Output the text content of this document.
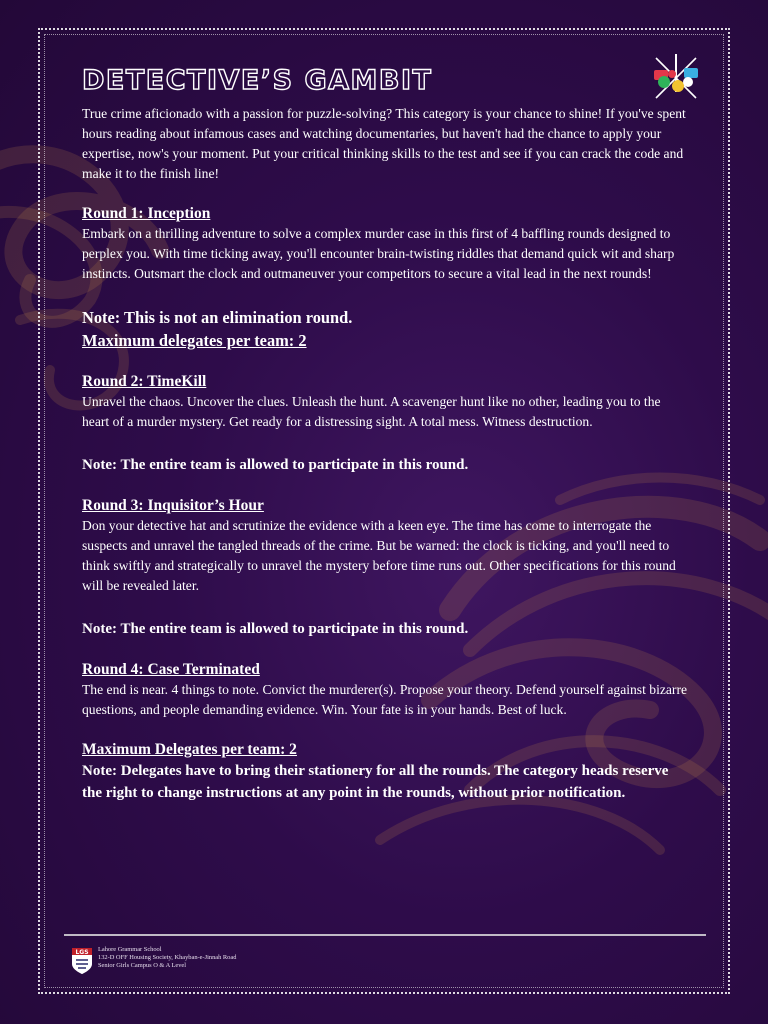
DETECTIVE’S GAMBIT

True crime aficionado with a passion for puzzle-solving? This category is your chance to shine! If you've spent hours reading about infamous cases and watching documentaries, but haven't had the chance to apply your expertise, now's your moment. Put your critical thinking skills to the test and see if you can crack the code and make it to the finish line!

Round 1: Inception

Embark on a thrilling adventure to solve a complex murder case in this first of 4 baffling rounds designed to perplex you. With time ticking away, you'll encounter brain-twisting riddles that demand quick wit and sharp instincts. Outsmart the clock and outmaneuver your competitors to secure a vital lead in the next rounds!

Note: This is not an elimination round.
Maximum delegates per team: 2
Round 2: TimeKill

Unravel the chaos. Uncover the clues. Unleash the hunt. A scavenger hunt like no other, leading you to the heart of a murder mystery. Get ready for a distressing sight. A total mess. Witness destruction.

Note: The entire team is allowed to participate in this round.
Round 3: Inquisitor’s Hour

Don your detective hat and scrutinize the evidence with a keen eye. The time has come to interrogate the suspects and unravel the tangled threads of the crime. But be warned: the clock is ticking, and you'll need to think swiftly and strategically to unravel the mystery before time runs out. Other specifications for this round will be revealed later.

Note: The entire team is allowed to participate in this round.
Round 4: Case Terminated

The end is near. 4 things to note. Convict the murderer(s). Propose your theory. Defend yourself against bizarre questions, and people demanding evidence. Win. Your fate is in your hands. Best of luck.

Maximum Delegates per team: 2
Note: Delegates have to bring their stationery for all the rounds. The category heads reserve the right to change instructions at any point in the rounds, without prior notification.
LGS Lahore Grammar School
132-D OFF Housing Society, Khayban-e-Jinnah Road
Senior Girls Campus O & A Level
